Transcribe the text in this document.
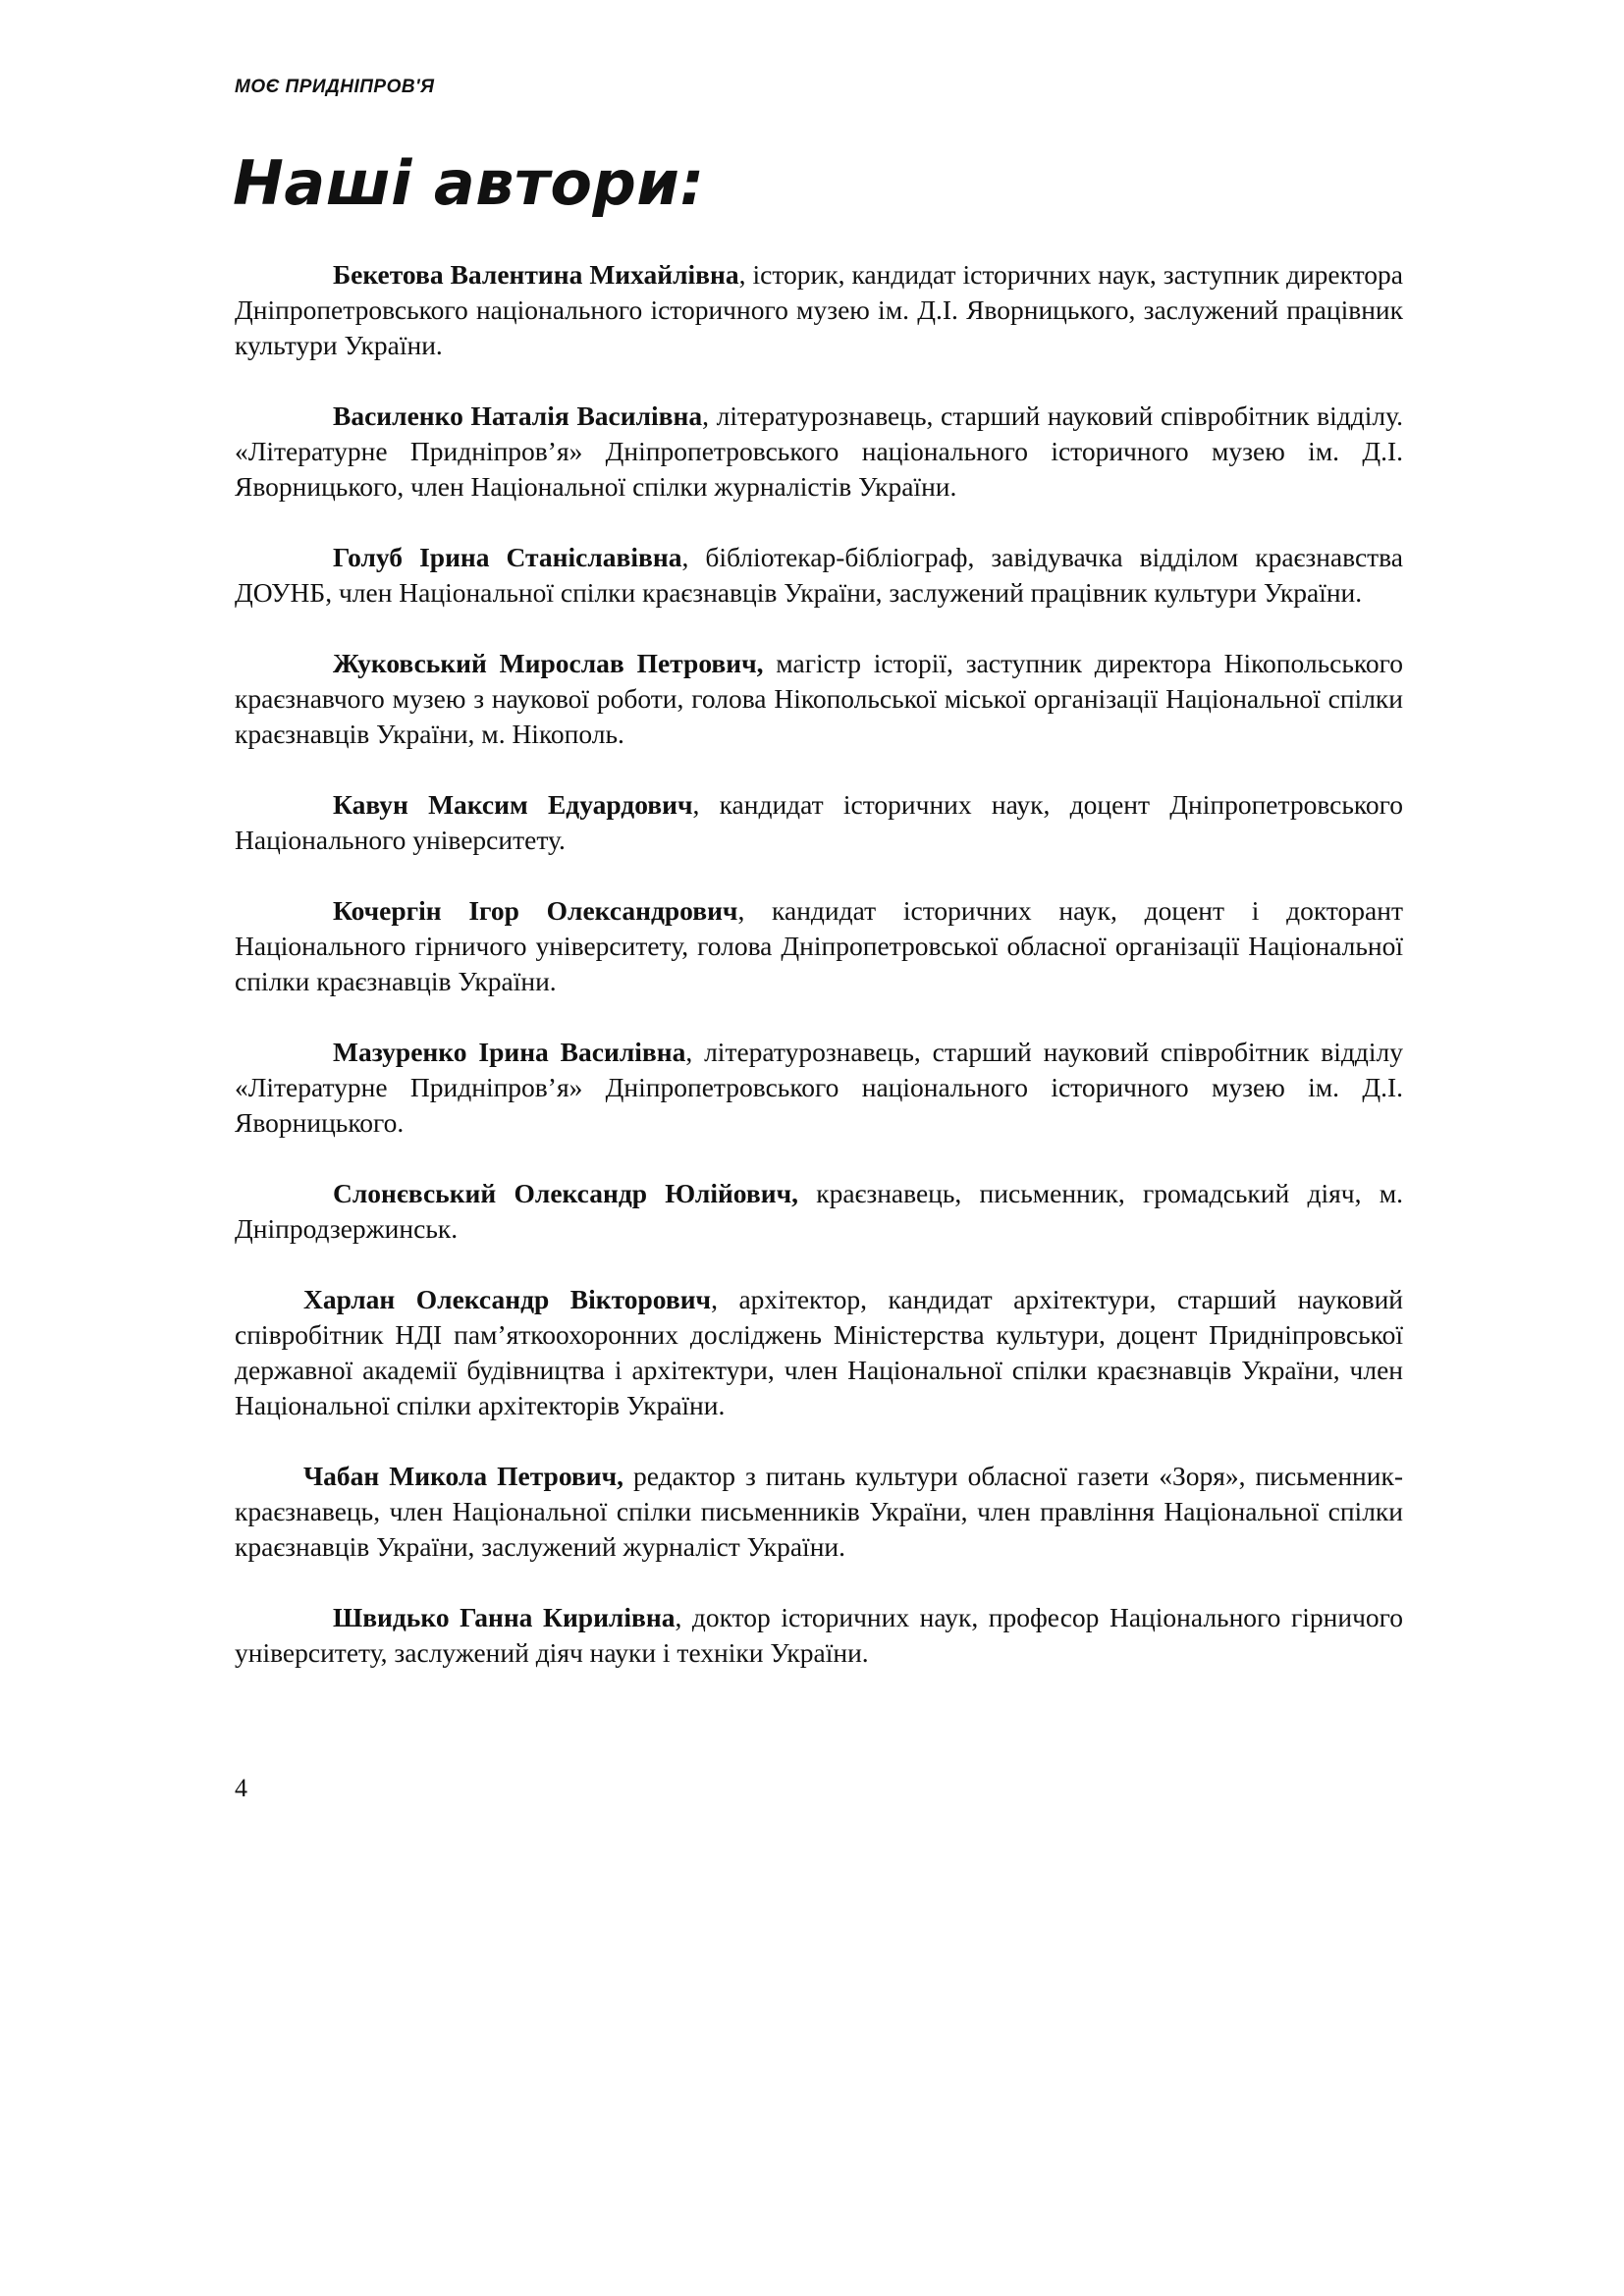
МОЄ ПРИДНІПРОВ'Я
Наші автори:

Бекетова Валентина Михайлівна, історик, кандидат історичних наук, заступник директора Дніпропетровського національного історичного музею ім. Д.І. Яворницького, заслужений працівник культури України.

Василенко Наталія Василівна, літературознавець, старший науковий співробітник відділу. «Літературне Придніпров’я» Дніпропетровського національного історичного музею ім. Д.І. Яворницького, член Національної спілки журналістів України.

Голуб Ірина Станіславівна, бібліотекар-бібліограф, завідувачка відділом краєзнавства ДОУНБ, член Національної спілки краєзнавців України, заслужений працівник культури України.

Жуковський Мирослав Петрович, магістр історії, заступник директора Нікопольського краєзнавчого музею з наукової роботи, голова Нікопольської міської організації Національної спілки краєзнавців України, м. Нікополь.

Кавун Максим Едуардович, кандидат історичних наук, доцент Дніпропетровського Національного університету.

Кочергін Ігор Олександрович, кандидат історичних наук, доцент і докторант Національного гірничого університету, голова Дніпропетровської обласної організації Національної спілки краєзнавців України.

Мазуренко Ірина Василівна, літературознавець, старший науковий співробітник відділу «Літературне Придніпров’я» Дніпропетровського національного історичного музею ім. Д.І. Яворницького.

Слонєвський Олександр Юлійович, краєзнавець, письменник, громадський діяч, м. Дніпродзержинськ.

Харлан Олександр Вікторович, архітектор, кандидат архітектури, старший науковий співробітник НДІ пам’яткоохоронних досліджень Міністерства культури, доцент Придніпровської державної академії будівництва і архітектури, член Національної спілки краєзнавців України, член Національної спілки архітекторів України.

Чабан Микола Петрович, редактор з питань культури обласної газети «Зоря», письменник-краєзнавець, член Національної спілки письменників України, член правління Національної спілки краєзнавців України, заслужений журналіст України.

Швидько Ганна Кирилівна, доктор історичних наук, професор Національного гірничого університету, заслужений діяч науки і техніки України.

4
